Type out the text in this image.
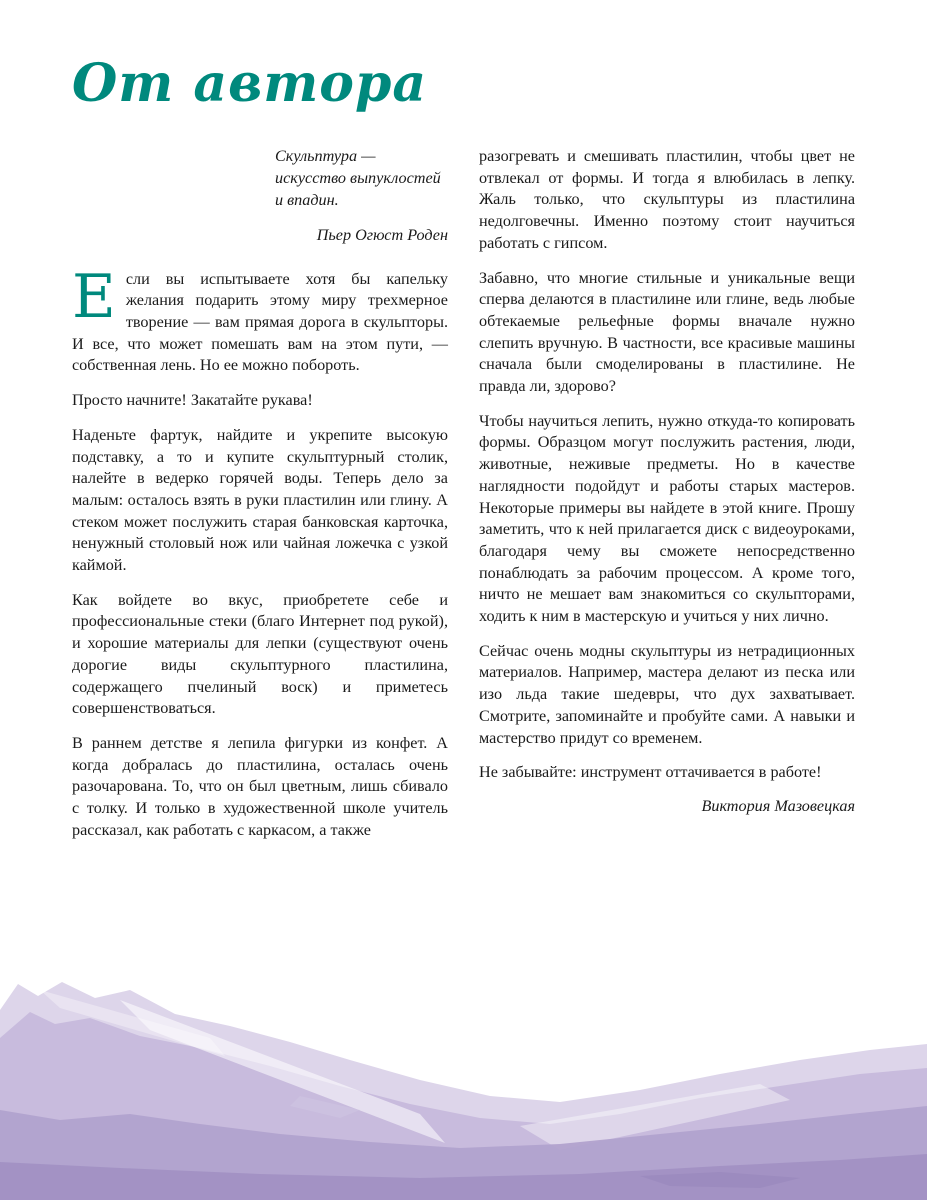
От автора
Скульптура — искусство выпуклостей и впадин.
Пьер Огюст Роден

Если вы испытываете хотя бы капельку желания подарить этому миру трехмерное творение — вам прямая дорога в скульпторы. И все, что может помешать вам на этом пути, — собственная лень. Но ее можно побороть.

Просто начните! Закатайте рукава!

Наденьте фартук, найдите и укрепите высокую подставку, а то и купите скульптурный столик, налейте в ведерко горячей воды. Теперь дело за малым: осталось взять в руки пластилин или глину. А стеком может послужить старая банковская карточка, ненужный столовый нож или чайная ложечка с узкой каймой.

Как войдете во вкус, приобретете себе и профессиональные стеки (благо Интернет под рукой), и хорошие материалы для лепки (существуют очень дорогие виды скульптурного пластилина, содержащего пчелиный воск) и приметесь совершенствоваться.

В раннем детстве я лепила фигурки из конфет. А когда добралась до пластилина, осталась очень разочарована. То, что он был цветным, лишь сбивало с толку. И только в художественной школе учитель рассказал, как работать с каркасом, а также

разогревать и смешивать пластилин, чтобы цвет не отвлекал от формы. И тогда я влюбилась в лепку. Жаль только, что скульптуры из пластилина недолговечны. Именно поэтому стоит научиться работать с гипсом.

Забавно, что многие стильные и уникальные вещи сперва делаются в пластилине или глине, ведь любые обтекаемые рельефные формы вначале нужно слепить вручную. В частности, все красивые машины сначала были смоделированы в пластилине. Не правда ли, здорово?

Чтобы научиться лепить, нужно откуда-то копировать формы. Образцом могут послужить растения, люди, животные, неживые предметы. Но в качестве наглядности подойдут и работы старых мастеров. Некоторые примеры вы найдете в этой книге. Прошу заметить, что к ней прилагается диск с видеоуроками, благодаря чему вы сможете непосредственно понаблюдать за рабочим процессом. А кроме того, ничто не мешает вам знакомиться со скульпторами, ходить к ним в мастерскую и учиться у них лично.

Сейчас очень модны скульптуры из нетрадиционных материалов. Например, мастера делают из песка или изо льда такие шедевры, что дух захватывает. Смотрите, запоминайте и пробуйте сами. А навыки и мастерство придут со временем.

Не забывайте: инструмент оттачивается в работе!

Виктория Мазовецкая
